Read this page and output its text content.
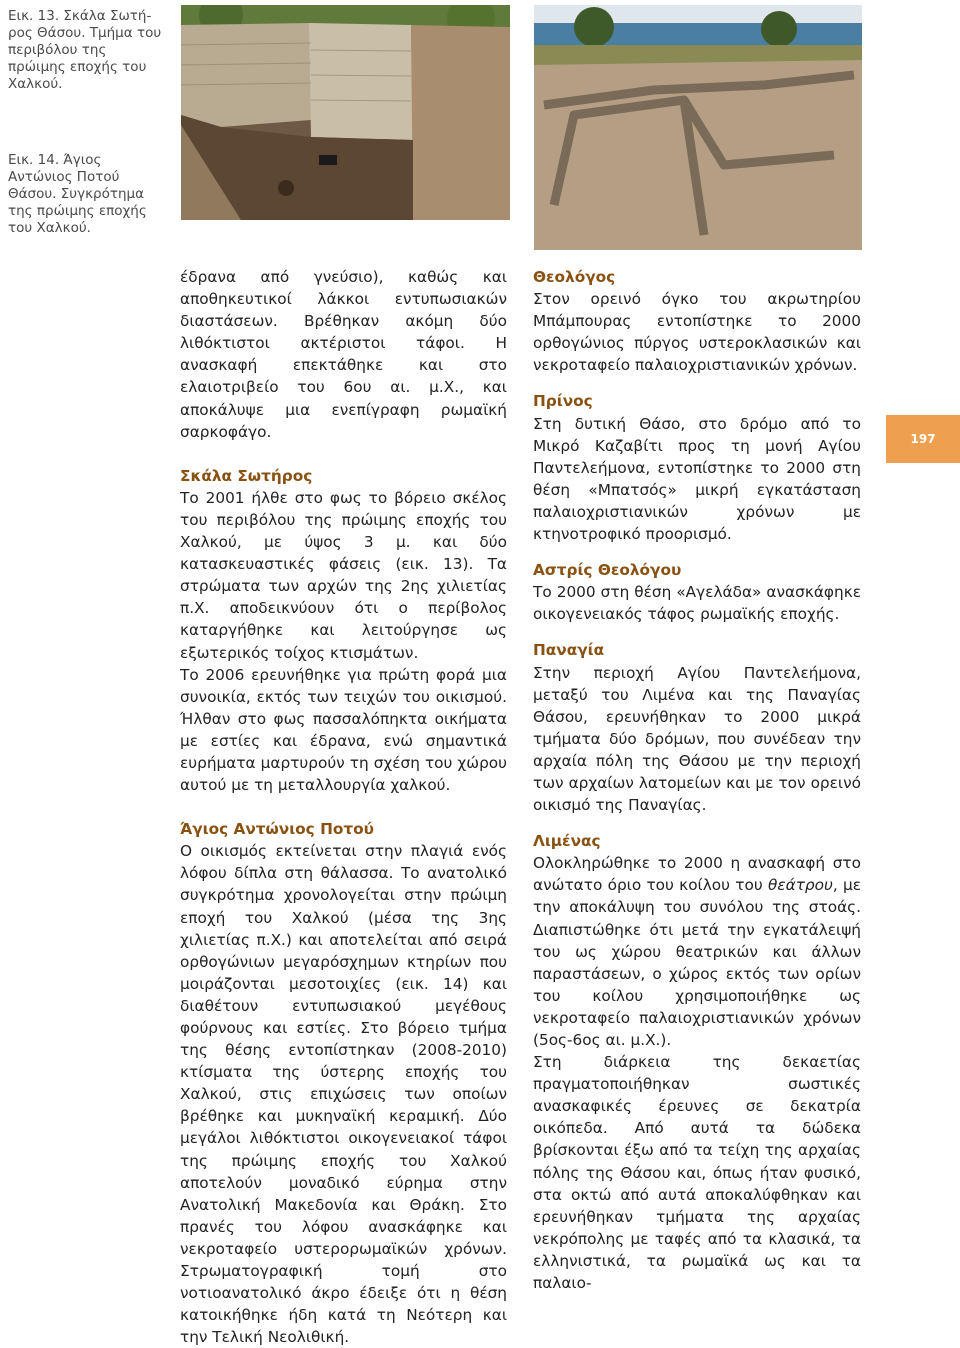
Εικ. 13. Σκάλα Σωτή-ρος Θάσου. Τμήμα του περιβόλου της πρώιμης εποχής του Χαλκού.

Εικ. 14. Άγιος Αντώνιος Ποτού Θάσου. Συγκρότημα της πρώιμης εποχής του Χαλκού.

έδρανα από γνεύσιο), καθώς και αποθηκευτικοί λάκκοι εντυπωσιακών διαστάσεων. Βρέθηκαν ακόμη δύο λιθόκτιστοι ακτέριστοι τάφοι. Η ανασκαφή επεκτάθηκε και στο ελαιοτριβείο του 6ου αι. μ.Χ., και αποκάλυψε μια ενεπίγραφη ρωμαϊκή σαρκοφάγο.

Σκάλα Σωτήρος

Το 2001 ήλθε στο φως το βόρειο σκέλος του περιβόλου της πρώιμης εποχής του Χαλκού, με ύψος 3 μ. και δύο κατασκευαστικές φάσεις (εικ. 13). Τα στρώματα των αρχών της 2ης χιλιετίας π.Χ. αποδεικνύουν ότι ο περίβολος καταργήθηκε και λειτούργησε ως εξωτερικός τοίχος κτισμάτων.

Το 2006 ερευνήθηκε για πρώτη φορά μια συνοικία, εκτός των τειχών του οικισμού. Ήλθαν στο φως πασσαλόπηκτα οικήματα με εστίες και έδρανα, ενώ σημαντικά ευρήματα μαρτυρούν τη σχέση του χώρου αυτού με τη μεταλλουργία χαλκού.

Άγιος Αντώνιος Ποτού

Ο οικισμός εκτείνεται στην πλαγιά ενός λόφου δίπλα στη θάλασσα. Το ανατολικό συγκρότημα χρονολογείται στην πρώιμη εποχή του Χαλκού (μέσα της 3ης χιλιετίας π.Χ.) και αποτελείται από σειρά ορθογώνιων μεγαρόσχημων κτηρίων που μοιράζονται μεσοτοιχίες (εικ. 14) και διαθέτουν εντυπωσιακού μεγέθους φούρνους και εστίες. Στο βόρειο τμήμα της θέσης εντοπίστηκαν (2008-2010) κτίσματα της ύστερης εποχής του Χαλκού, στις επιχώσεις των οποίων βρέθηκε και μυκηναϊκή κεραμική. Δύο μεγάλοι λιθόκτιστοι οικογενειακοί τάφοι της πρώιμης εποχής του Χαλκού αποτελούν μοναδικό εύρημα στην Ανατολική Μακεδονία και Θράκη. Στο πρανές του λόφου ανασκάφηκε και νεκροταφείο υστερορωμαϊκών χρόνων. Στρωματογραφική τομή στο νοτιοανατολικό άκρο έδειξε ότι η θέση κατοικήθηκε ήδη κατά τη Νεότερη και την Τελική Νεολιθική.

Θεολόγος

Στον ορεινό όγκο του ακρωτηρίου Μπάμπουρας εντοπίστηκε το 2000 ορθογώνιος πύργος υστεροκλασικών και νεκροταφείο παλαιοχριστιανικών χρόνων.

Πρίνος

Στη δυτική Θάσο, στο δρόμο από το Μικρό Καζαβίτι προς τη μονή Αγίου Παντελεήμονα, εντοπίστηκε το 2000 στη θέση «Μπατσός» μικρή εγκατάσταση παλαιοχριστιανικών χρόνων με κτηνοτροφικό προορισμό.

Αστρίς Θεολόγου

Το 2000 στη θέση «Αγελάδα» ανασκάφηκε οικογενειακός τάφος ρωμαϊκής εποχής.

Παναγία

Στην περιοχή Αγίου Παντελεήμονα, μεταξύ του Λιμένα και της Παναγίας Θάσου, ερευνήθηκαν το 2000 μικρά τμήματα δύο δρόμων, που συνέδεαν την αρχαία πόλη της Θάσου με την περιοχή των αρχαίων λατομείων και με τον ορεινό οικισμό της Παναγίας.

Λιμένας

Ολοκληρώθηκε το 2000 η ανασκαφή στο ανώτατο όριο του κοίλου του θεάτρου, με την αποκάλυψη του συνόλου της στοάς. Διαπιστώθηκε ότι μετά την εγκατάλειψή του ως χώρου θεατρικών και άλλων παραστάσεων, ο χώρος εκτός των ορίων του κοίλου χρησιμοποιήθηκε ως νεκροταφείο παλαιοχριστιανικών χρόνων (5ος-6ος αι. μ.Χ.).

Στη διάρκεια της δεκαετίας πραγματοποιήθηκαν σωστικές ανασκαφικές έρευνες σε δεκατρία οικόπεδα. Από αυτά τα δώδεκα βρίσκονται έξω από τα τείχη της αρχαίας πόλης της Θάσου και, όπως ήταν φυσικό, στα οκτώ από αυτά αποκαλύφθηκαν και ερευνήθηκαν τμήματα της αρχαίας νεκρόπολης με ταφές από τα κλασικά, τα ελληνιστικά, τα ρωμαϊκά ως και τα παλαιο-

197
